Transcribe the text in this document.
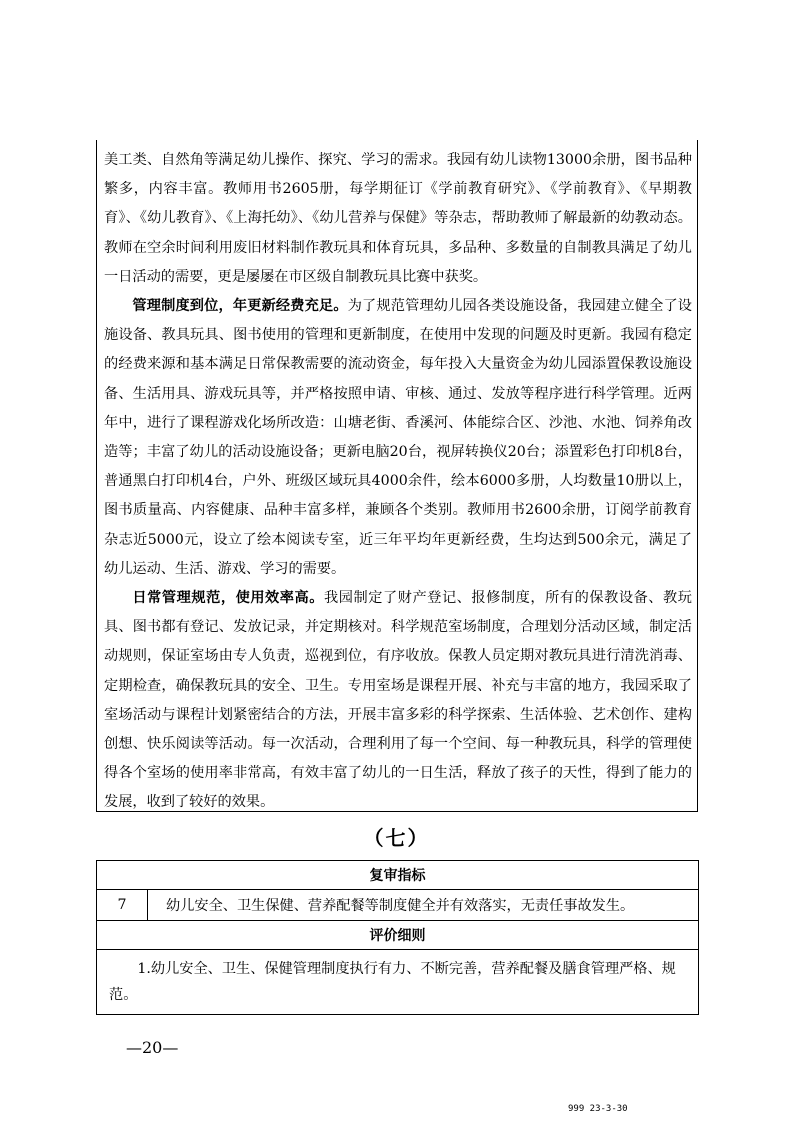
美工类、自然角等满足幼儿操作、探究、学习的需求。我园有幼儿读物13000余册，图书品种繁多，内容丰富。教师用书2605册，每学期征订《学前教育研究》、《学前教育》、《早期教育》、《幼儿教育》、《上海托幼》、《幼儿营养与保健》等杂志，帮助教师了解最新的幼教动态。教师在空余时间利用废旧材料制作教玩具和体育玩具，多品种、多数量的自制教具满足了幼儿一日活动的需要，更是屡屡在市区级自制教玩具比赛中获奖。

管理制度到位，年更新经费充足。为了规范管理幼儿园各类设施设备，我园建立健全了设施设备、教具玩具、图书使用的管理和更新制度，在使用中发现的问题及时更新。我园有稳定的经费来源和基本满足日常保教需要的流动资金，每年投入大量资金为幼儿园添置保教设施设备、生活用具、游戏玩具等，并严格按照申请、审核、通过、发放等程序进行科学管理。近两年中，进行了课程游戏化场所改造：山塘老街、香溪河、体能综合区、沙池、水池、饲养角改造等；丰富了幼儿的活动设施设备；更新电脑20台，视屏转换仪20台；添置彩色打印机8台，普通黑白打印机4台，户外、班级区域玩具4000余件，绘本6000多册，人均数量10册以上，图书质量高、内容健康、品种丰富多样，兼顾各个类别。教师用书2600余册，订阅学前教育杂志近5000元，设立了绘本阅读专室，近三年平均年更新经费，生均达到500余元，满足了幼儿运动、生活、游戏、学习的需要。

日常管理规范，使用效率高。我园制定了财产登记、报修制度，所有的保教设备、教玩具、图书都有登记、发放记录，并定期核对。科学规范室场制度，合理划分活动区域，制定活动规则，保证室场由专人负责，巡视到位，有序收放。保教人员定期对教玩具进行清洗消毒、定期检查，确保教玩具的安全、卫生。专用室场是课程开展、补充与丰富的地方，我园采取了室场活动与课程计划紧密结合的方法，开展丰富多彩的科学探索、生活体验、艺术创作、建构创想、快乐阅读等活动。每一次活动，合理利用了每一个空间、每一种教玩具，科学的管理使得各个室场的使用率非常高，有效丰富了幼儿的一日生活，释放了孩子的天性，得到了能力的发展，收到了较好的效果。

（七）
复审指标
7	幼儿安全、卫生保健、营养配餐等制度健全并有效落实，无责任事故发生。
评价细则
1.幼儿安全、卫生、保健管理制度执行有力、不断完善，营养配餐及膳食管理严格、规范。
—20—
999 23-3-30
